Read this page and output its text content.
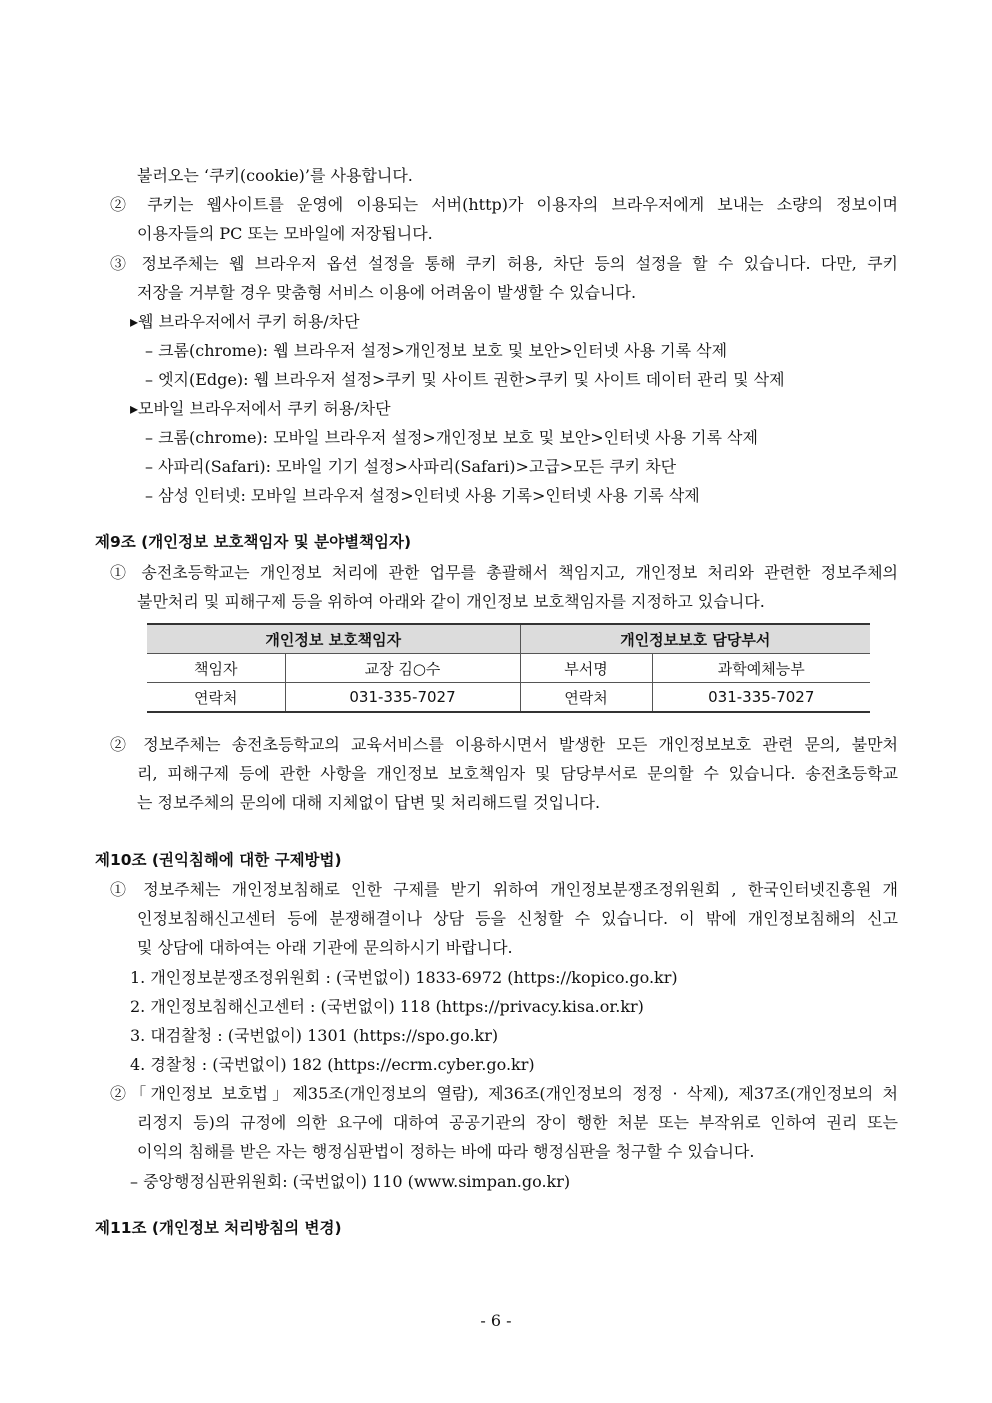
불러오는 ‘쿠키(cookie)’를 사용합니다.
② 쿠키는 웹사이트를 운영에 이용되는 서버(http)가 이용자의 브라우저에게 보내는 소량의 정보이며
이용자들의 PC 또는 모바일에 저장됩니다.
③ 정보주체는 웹 브라우저 옵션 설정을 통해 쿠키 허용, 차단 등의 설정을 할 수 있습니다. 다만, 쿠키
저장을 거부할 경우 맞춤형 서비스 이용에 어려움이 발생할 수 있습니다.
▸웹 브라우저에서 쿠키 허용/차단
– 크롬(chrome): 웹 브라우저 설정>개인정보 보호 및 보안>인터넷 사용 기록 삭제
– 엣지(Edge): 웹 브라우저 설정>쿠키 및 사이트 권한>쿠키 및 사이트 데이터 관리 및 삭제
▸모바일 브라우저에서 쿠키 허용/차단
– 크롬(chrome): 모바일 브라우저 설정>개인정보 보호 및 보안>인터넷 사용 기록 삭제
– 사파리(Safari): 모바일 기기 설정>사파리(Safari)>고급>모든 쿠키 차단
– 삼성 인터넷: 모바일 브라우저 설정>인터넷 사용 기록>인터넷 사용 기록 삭제
제9조 (개인정보 보호책임자 및 분야별책임자)
① 송전초등학교는 개인정보 처리에 관한 업무를 총괄해서 책임지고, 개인정보 처리와 관련한 정보주체의
불만처리 및 피해구제 등을 위하여 아래와 같이 개인정보 보호책임자를 지정하고 있습니다.
개인정보 보호책임자		개인정보보호 담당부서	
책임자	교장 김○수	부서명	과학예체능부
연락처	031-335-7027	연락처	031-335-7027
② 정보주체는 송전초등학교의 교육서비스를 이용하시면서 발생한 모든 개인정보보호 관련 문의, 불만처
리, 피해구제 등에 관한 사항을 개인정보 보호책임자 및 담당부서로 문의할 수 있습니다. 송전초등학교
는 정보주체의 문의에 대해 지체없이 답변 및 처리해드릴 것입니다.
제10조 (권익침해에 대한 구제방법)
① 정보주체는 개인정보침해로 인한 구제를 받기 위하여 개인정보분쟁조정위원회 , 한국인터넷진흥원 개
인정보침해신고센터 등에 분쟁해결이나 상담 등을 신청할 수 있습니다. 이 밖에 개인정보침해의 신고
및 상담에 대하여는 아래 기관에 문의하시기 바랍니다.
1. 개인정보분쟁조정위원회 : (국번없이) 1833-6972 (https://kopico.go.kr)
2. 개인정보침해신고센터 : (국번없이) 118 (https://privacy.kisa.or.kr)
3. 대검찰청 : (국번없이) 1301 (https://spo.go.kr)
4. 경찰청 : (국번없이) 182 (https://ecrm.cyber.go.kr)
②「개인정보 보호법」제35조(개인정보의 열람), 제36조(개인정보의 정정 · 삭제), 제37조(개인정보의 처
리정지 등)의 규정에 의한 요구에 대하여 공공기관의 장이 행한 처분 또는 부작위로 인하여 권리 또는
이익의 침해를 받은 자는 행정심판법이 정하는 바에 따라 행정심판을 청구할 수 있습니다.
– 중앙행정심판위원회: (국번없이) 110 (www.simpan.go.kr)
제11조 (개인정보 처리방침의 변경)
- 6 -
